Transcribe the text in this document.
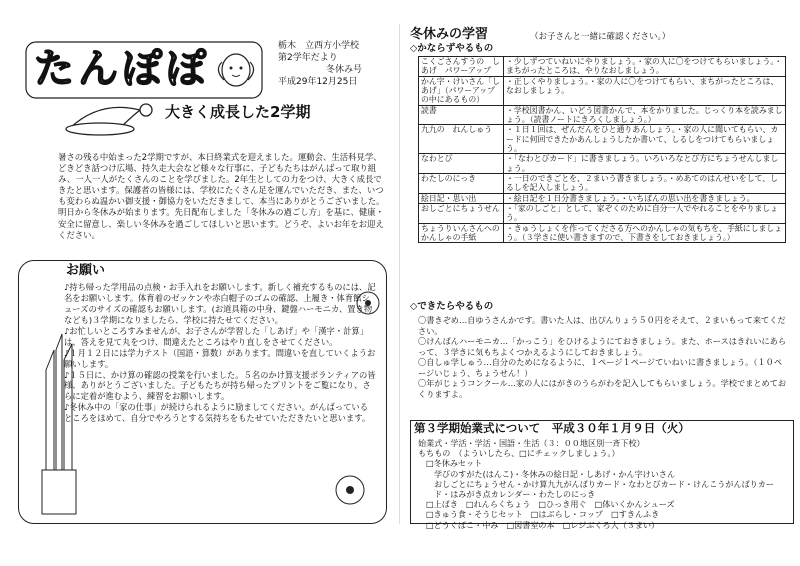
たんぽぽ	栃木　立西方小学校
第2学年だより
冬休み号
平成29年12月25日
大きく成長した2学期
暑さの残る中始まった2学期ですが、本日終業式を迎えました。運動会、生活科見学、どきどき話つけ広場、持久走大会など様々な行事に、子どもたちはがんばって取り組み、一人一人がたくさんのことを学びました。2年生としての力をつけ、大きく成長できたと思います。保護者の皆様には、学校にたくさん足を運んでいただき、また、いつも変わらぬ温かい御支援・御協力をいただきまして、本当にありがとうございました。明日から冬休みが始まります。先日配布しました「冬休みの過ごし方」を基に、健康・安全に留意し、楽しい冬休みを過ごしてほしいと思います。どうぞ、よいお年をお迎えください。
お願い

♪持ち帰った学用品の点検・お手入れをお願いします。新しく補充するものには、記名をお願いします。体育着のゼッケンや赤白帽子のゴムの確認、上履き・体育館シューズのサイズの確認もお願いします。(お道具箱の中身、鍵盤ハーモニカ、置き物なども)３学期になりましたら、学校に持たせてください。

♪お忙しいところすみませんが、お子さんが学習した「しあげ」や「漢字・計算」は、答えを見て丸をつけ、間違えたところはやり直しをさせてください。

♪１月１２日には学力テスト（国語・算数）があります。間違いを直していくようお願いします。

♪１５日に、かけ算の確認の授業を行いました。５名のかけ算支援ボランティアの皆様、ありがとうございました。子どもたちが持ち帰ったプリントをご覧になり、さらに定着が進むよう、練習をお願いします。

♪冬休み中の「家の仕事」が続けられるように励ましてください。がんばっているところをほめて、自分でやろうとする気持ちをもたせていただきたいと思います。

冬休みの学習	（お子さんと一緒に確認ください。）
◇かならずやるもの
こくごさんすうの　しあげ　パワーアップ	・少しずつていねいにやりましょう。・家の人に〇をつけてもらいましょう。・まちがったところは、やりなおしましょう。
かん字・けいさん「しあげ」（パワーアップの中にあるもの）	・正しくやりましょう。・家の人に〇をつけてもらい、まちがったところは、なおしましょう。
読書	・学校図書かん、いどう図書かんで、本をかりました。じっくり本を読みましょう。（読書ノートにきろくしましょう。）
九九の　れんしゅう	・１日１回は、ぜんだんをひと通りあんしょう。・家の人に聞いてもらい、カードに何回できたかあんしょうしたか書いて、しるしをつけてもらいましょう。
なわとび	・「なわとびカード」に書きましょう。いろいろなとび方にちょうせんしましょう。
わたしのにっき	・一日のできごとを、２まいう書きましょう。・めあてのはんせいをして、しるしを記入しましょう。
絵日記・思い出	・絵日記を１日分書きましょう。・いちばんの思い出を書きましょう。
おしごとにちょうせん	・「家のしごと」として、家ぞくのために自分一人でやれることをやりましょう。
ちょうりいんさんへのかんしゃの手紙	・きゅうしょくを作ってくださる方へのかんしゃの気もちを、手紙にしましょう。（３学きに使い書きますので、下書きをしておきましょう。）
◇できたらやるもの

〇書きぞめ…自ゆうさんかです。書いた人は、出ぴんりょう５０円をそえて、２まいもって来てください。

〇けんばんハーモニカ…「かっこう」をひけるようにておきましょう。また、ホースはきれいにあらって、３学きに気もちよくつかえるようにしておきましょう。

〇自しゅ学しゅう…自分のためになるように、１ページ１ページていねいに書きましょう。（１０ページいじょう、ちょうせん！）

〇年がじょうコンクール…家の人にはがきのうらがわを記入してもらいましょう。学校でまとめておくりますよ。

第３学期始業式について　平成３０年１月９日（火）

始業式・学活・学活・国語・生活（３：００地区別一斉下校）

もちもの　（よういしたら、□にチェックしましょう。）

□冬休みセット

学びのすがた(はんこ)・冬休みの絵日記・しあげ・かん字けいさん

おしごとにちょうせん・かけ算九九がんばりカード・なわとびカード・けんこうがんばりカード・はみがき点カレンダー・わたしのにっき

□上ばき　□れんらくちょう　□ひっき用ぐ　□体いくかんシューズ

□きゅう食・そうじセット　□はぶらし・コップ　□すきんふき

□どうぐばこ・中み　□図書室の本　□レジぶくろ大（３まい）
